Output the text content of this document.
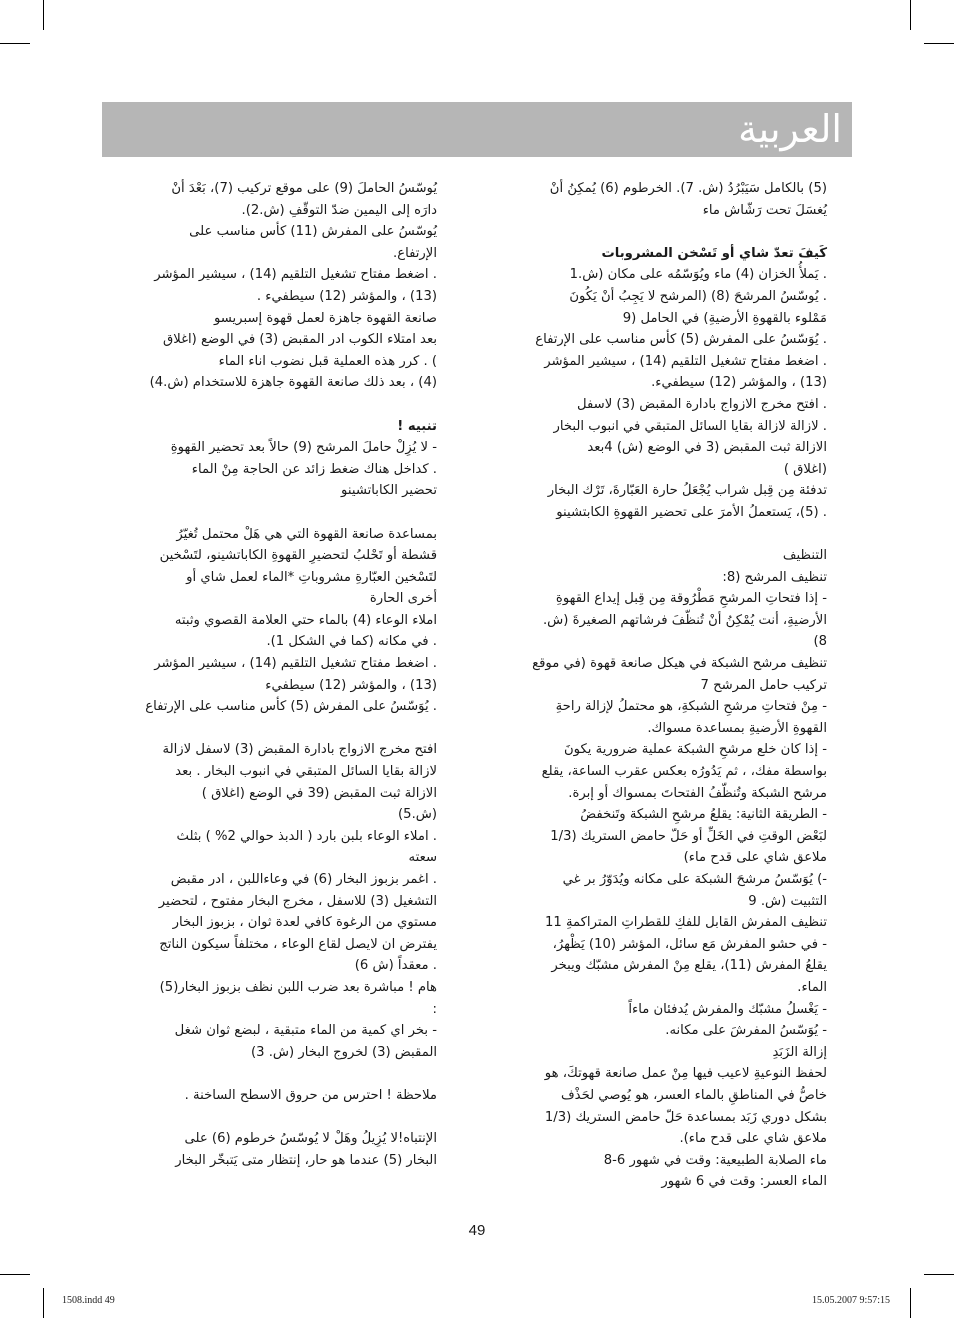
العربية

(5) بالكامل سَيَبْرُدُ (ش. 7). الخرطوم (6) يُمكِنُ أنْ

يُغسَلَ تحت رَشّاش ماء

كَيفَ تعدّ شاي أو تَسْخن المشروبات

. يَملأُ الخزان (4) ماء ويُوَسّمُه على مكان (ش.1

. يُوسّسُ المرشحَ (8) (المرشح لا يَجِبُ أنْ يَكُونَ

مَمْلوء بالقهوةِ الأرضيةِ) في الحامل (9

. يُوَسّسُ على المفرش (5) كأس مناسب على الإرتفاع

. اضغط مفتاح تشغيل التلقيم (14) ، سيشير المؤشر

(13) ، والمؤشر (12) سيطفيء.

. افتح مخرج الازواج بادارة المقبض (3) لاسفل

. لازالة لازالة بقايا السائل المتبقي في انبوب البخار

الازالة ثبت المقبض (3 في الوضع (ش) 4بعد

(اغلاق )

تدفئة مِن قِبل شراب يُجْعَلُ حارة العَبّارةَ، تَرْك البخار

. (5)، يَستعملُ الأمرَ على تحضير القهوةِ الكابتشينو

التنظيف

تنظيف المرشح (8:

- إذا فتحاتِ المرشحِ مَطْرُوقة مِن قِبل إيداع القهوةِ

الأرضيةِ، أنت يُمْكِنُ أنْ تُنظّفَ فرشاتهم الصغيرةَ (ش.

8)

تنظيف مرشح الشبكة في هيكل صانعة قهوة (في موقع

تركيب حامل المرشح 7

- مِنْ فتحاتِ مرشحِ الشبكةِ، هو محتملُ لإزالة راحةِ

القهوةِ الأرضيةِ بمساعدة مسواك.

- إذا كان خلع مرشحِ الشبكة عملية ضرورية يكونَ

بواسطة مفك، ، ثم يَدُورُه بعكس عقرب الساعة، يقلع

مرشح الشبكة وتُنظّفُ الفتحاتَ بمسواك أو إبرة.

- الطريقة الثانية: يقلعُ مرشحِ الشبكة وتَنخفضُ

لبَعْض الوقتِ في الخَلِّ أو حَلّ حامض الستريك (1/3

ملاعق شاي على قدح ماء)

-) يُوَسّسُ مرشحَ الشبكة على مكانه ويُدَوّرُ بر غي

التثبيت (ش. 9

تنظيف المفرش القابل للفكِ للقطراتِ المتراكمةِ 11

- في حشو المفرش مَع سائل، المؤشر (10) يَظْهرُ،

يقلعُ المفرش (11)، يقلع مِنْ المفرش مشبّك ويبخر

الماء.

- يَغْسلُ مشبّك والمفرش يُدفئان ماءاً

- يُوَسّسُ المفرشَ على مكانه.

إزالة الزَبَدِ

لحفظ النوعيةِ لاعيب فيها مِنْ عمل صانعة قهوتكَ، هو

خاصُّ في المناطقِ بالماء العسر، هو يُوصي لحَذْف

بشكل دوري زَبَد بمساعدة حَلّ حامض الستريك (1/3

ملاعق شاي على قدح ماء).

ماء الصلابة الطبيعية: وقت في شهور 6-8

الماء العسر: وقت في 6 شهور

يُوسّسُ الحاملَ (9) على موقع تركيب (7)، بَعْدَ أنْ

دارَه إلى اليمين ضدّ التوقّفِ (ش.2).

يُوسّسُ على المفرش (11) كأس مناسب على

الإرتفاع.

. اضغط مفتاح تشغيل التلقيم (14) ، سيشير المؤشر

(13) ، والمؤشر (12) سيطفيء .

صانعة القهوة جاهزة لعمل قهوة إسبريسو

بعد امتلاء الكوب ادر المقبض (3) في الوضع (اغلاق

) . كرر هذه العملية قبل نضوب اناء الماء

(4) ، بعد ذلك صانعة القهوة جاهزة للاستخدام (ش.4)

تنبيه !

- لا يُزِلْ حاملَ المرشح (9) حالاً بعد تحضير القهوةِ

. كداخل هناك ضغط زائد عن الحاجة مِنْ الماء

تحضير الكاباتشينو

بمساعدة صانعة القهوة التي هي هَلْ محتمل تُغيّرُ

قشطة أو تَحْلبُ لتحضيرِ القهوةِ الكاباتشينو، لتَسْخين

لتَسْخين العبّارةِ مشروباتِ *الماء لعمل شاي أو

أخرى الحارة

املاء الوعاء (4) بالماء حتي العلامة القصوي وثبته

. في مكانه (كما في الشكل 1).

. اضغط مفتاح تشغيل التلقيم (14) ، سيشير المؤشر

(13) ، والمؤشر (12) سيطفيء

. يُوَسّسُ على المفرش (5) كأس مناسب على الإرتفاع

افتح مخرج الازواج بادارة المقبض (3) لاسفل لازالة

لازالة بقايا السائل المتبقي في انبوب البخار . بعد

الازالة ثبت المقبض (39 في الوضع (اغلاق )

(ش.5)

. املاء الوعاء بلبن بارد ( الدبذ حوالي 2% ) بثلث

سعته

. اغمر بزبوز البخار (6) في وعاءاللبن ، ادر مقبض

التشغيل (3) للاسفل ، مخرج البخار مفتوح ، لتحضير

مستوي من الرغوة كافي لعدة ثوان ، بزبوز البخار

يفترض ان لايصل لقاع الوعاء ، مختلفاً سيكون الناتج

. معقداً (ش 6)

هام ! مباشرة بعد ضرب اللبن نظف بزبوز البخار(5)

:

- بخر اي كمية من الماء متبقية ، لبضع ثوان شغل

المقبض (3) لخروج البخار (ش. 3)

ملاحظة ! احترس من حروق الاسطح الساخنة .

الإنتباه!لا يُزِيلُ وهَلْ لا يُوسّسُ خرطوم (6) على

البخار (5) عندما هو حار، إنتظار متى يَتبخّر البخار

49
1508.indd 49	15.05.2007 9:57:15
